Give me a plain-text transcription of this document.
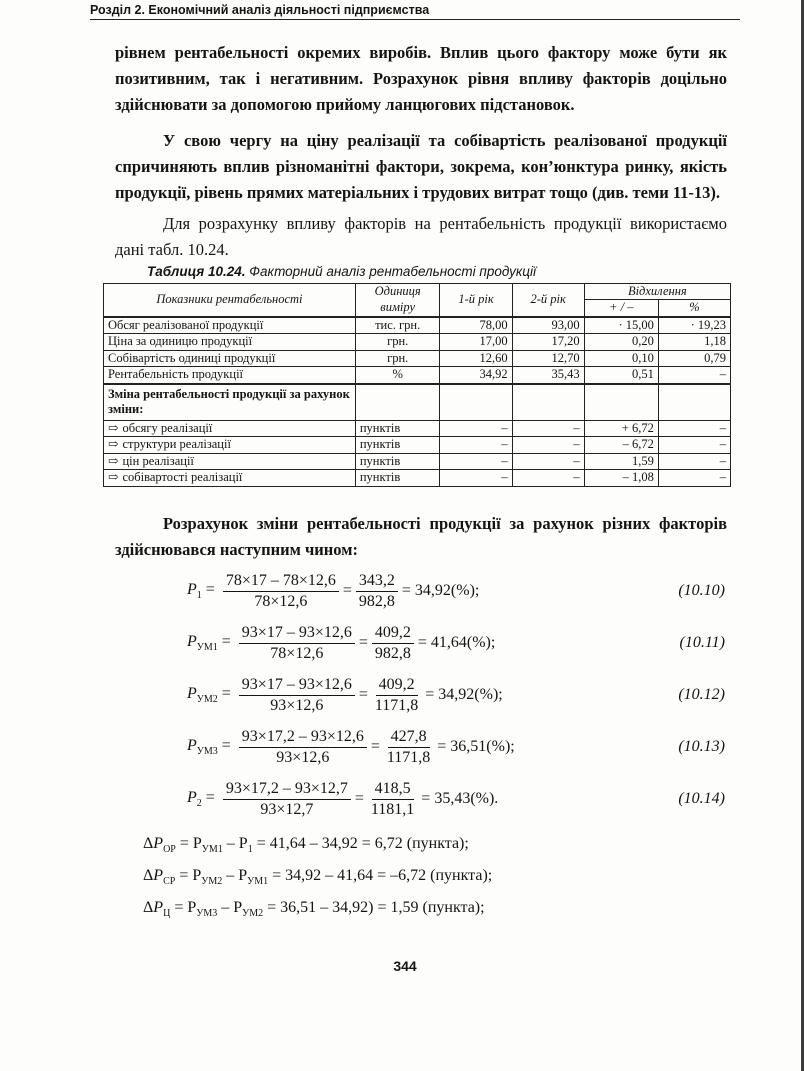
Розділ 2. Економічний аналіз діяльності підприємства

рівнем рентабельності окремих виробів. Вплив цього фактору може бути як позитивним, так і негативним. Розрахунок рівня впливу факторів доцільно здійснювати за допомогою прийому ланцюгових підстановок.

У свою чергу на ціну реалізації та собівартість реалізованої продукції спричиняють вплив різноманітні фактори, зокрема, кон’юнктура ринку, якість продукції, рівень прямих матеріальних і трудових витрат тощо (див. теми 11-13).

Для розрахунку впливу факторів на рентабельність продукції використаємо дані табл. 10.24.

Таблиця 10.24. Факторний аналіз рентабельності продукції
Показники рентабельності	Одиниця виміру	1-й рік	2-й рік	Відхилення	
				+ / –	%
Обсяг реалізованої продукції	тис. грн.	78,00	93,00	· 15,00	· 19,23
Ціна за одиницю продукції	грн.	17,00	17,20	0,20	1,18
Собівартість одиниці продукції	грн.	12,60	12,70	0,10	0,79
Рентабельність продукції	%	34,92	35,43	0,51	–
Зміна рентабельності продукції за рахунок зміни:					
⇨ обсягу реалізації	пунктів	–	–	+ 6,72	–
⇨ структури реалізації	пунктів	–	–	– 6,72	–
⇨ цін реалізації	пунктів	–	–	1,59	–
⇨ собівартості реалізації	пунктів	–	–	– 1,08	–

Розрахунок зміни рентабельності продукції за рахунок різних факторів здійснювався наступним чином:

$P_1 = \frac{78\times 17 - 78\times 12,6}{78\times 12,6} = \frac{343,2}{982,8} = 34,92(\%)$;	(10.10)
$P_{УМ1} = \frac{93\times 17 - 93\times 12,6}{78\times 12,6} = \frac{409,2}{982,8} = 41,64(\%)$;	(10.11)
$P_{УМ2} = \frac{93\times 17 - 93\times 12,6}{93\times 12,6} = \frac{409,2}{1171,8} = 34,92(\%)$;	(10.12)
$P_{УМ3} = \frac{93\times 17,2 - 93\times 12,6}{93\times 12,6} = \frac{427,8}{1171,8} = 36,51(\%)$;	(10.13)
$P_2 = \frac{93\times 17,2 - 93\times 12,7}{93\times 12,7} = \frac{418,5}{1181,1} = 35,43(\%)$.	(10.14)
$\Delta P_{ОР} = P_{УМ1} - P_1 = 41,64 - 34,92 = 6,72$ (пункта);
$\Delta P_{СР} = P_{УМ2} - P_{УМ1} = 34,92 - 41,64 = -6,72$ (пункта);
$\Delta P_Ц = P_{УМ3} - P_{УМ2} = 36,51 - 34,92) = 1,59$ (пункта);
344
